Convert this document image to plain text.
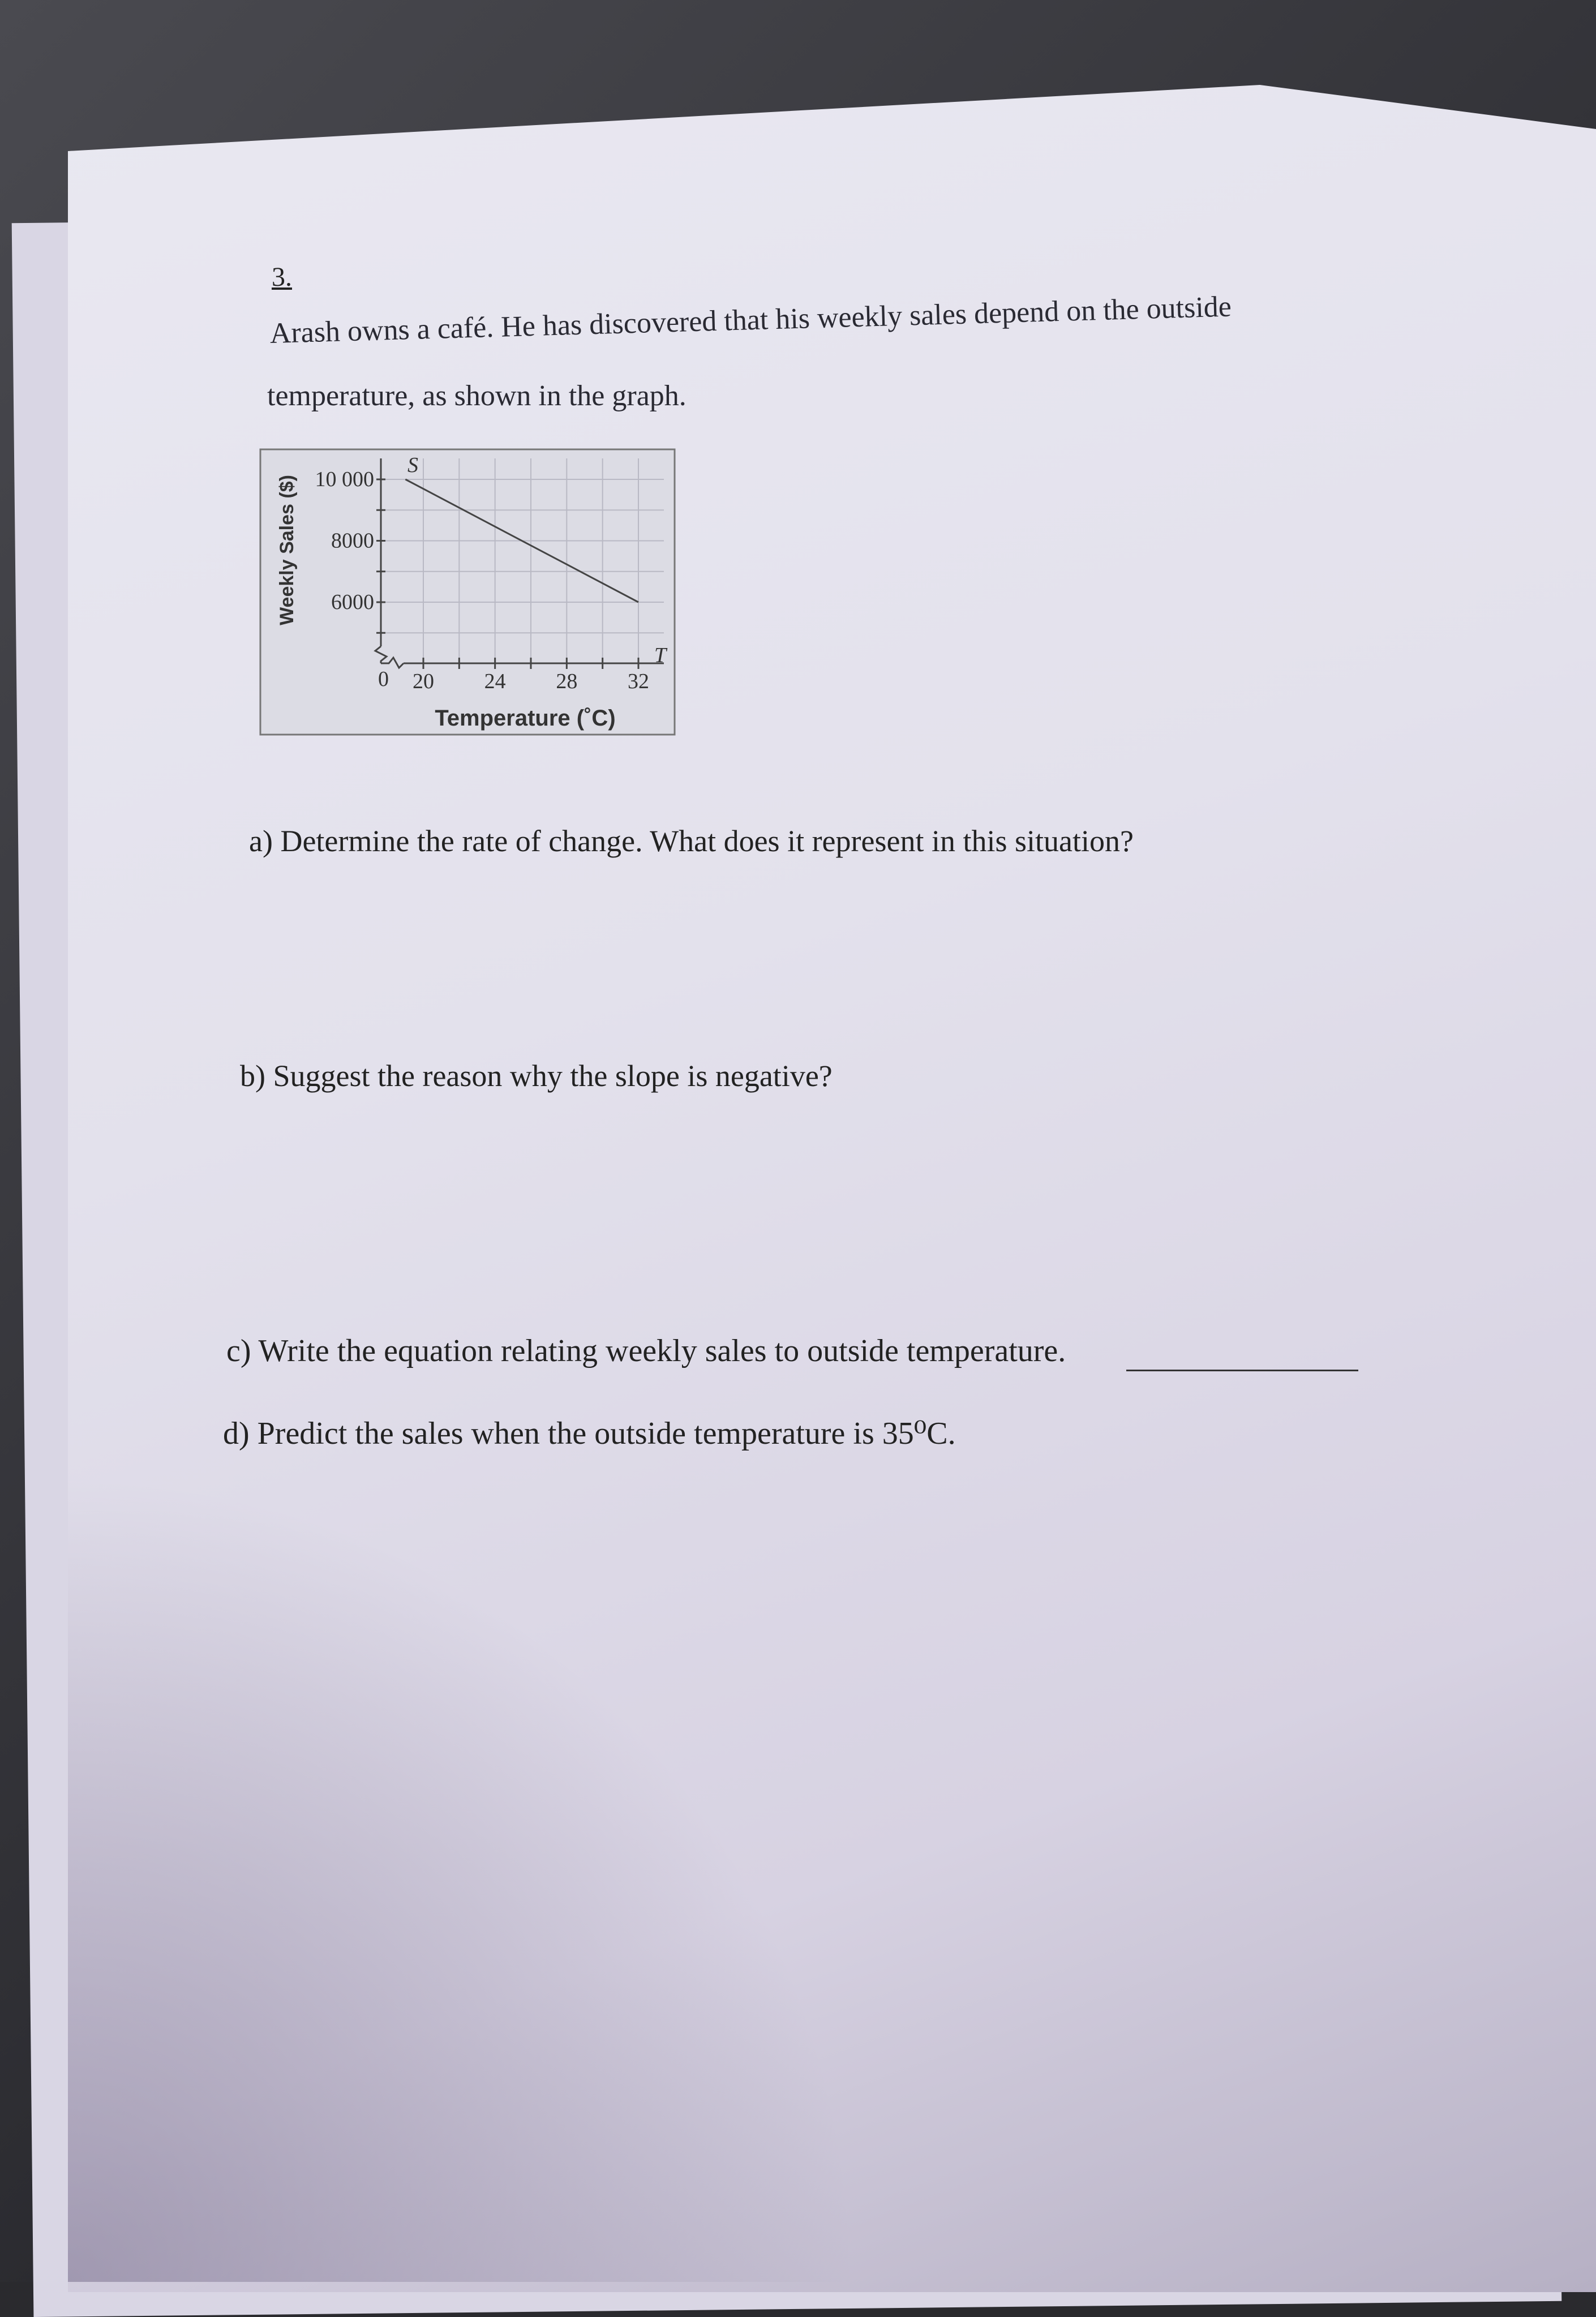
3.
Arash owns a café. He has discovered that his weekly sales depend on the outside
temperature, as shown in the graph.
10 000
8000
6000
20 24 28 32
Weekly Sales ($)
Temperature (˚C)
S
T
0
a) Determine the rate of change. What does it represent in this situation?
b) Suggest the reason why the slope is negative?
c) Write the equation relating weekly sales to outside temperature.
d) Predict the sales when the outside temperature is 35⁰C.
